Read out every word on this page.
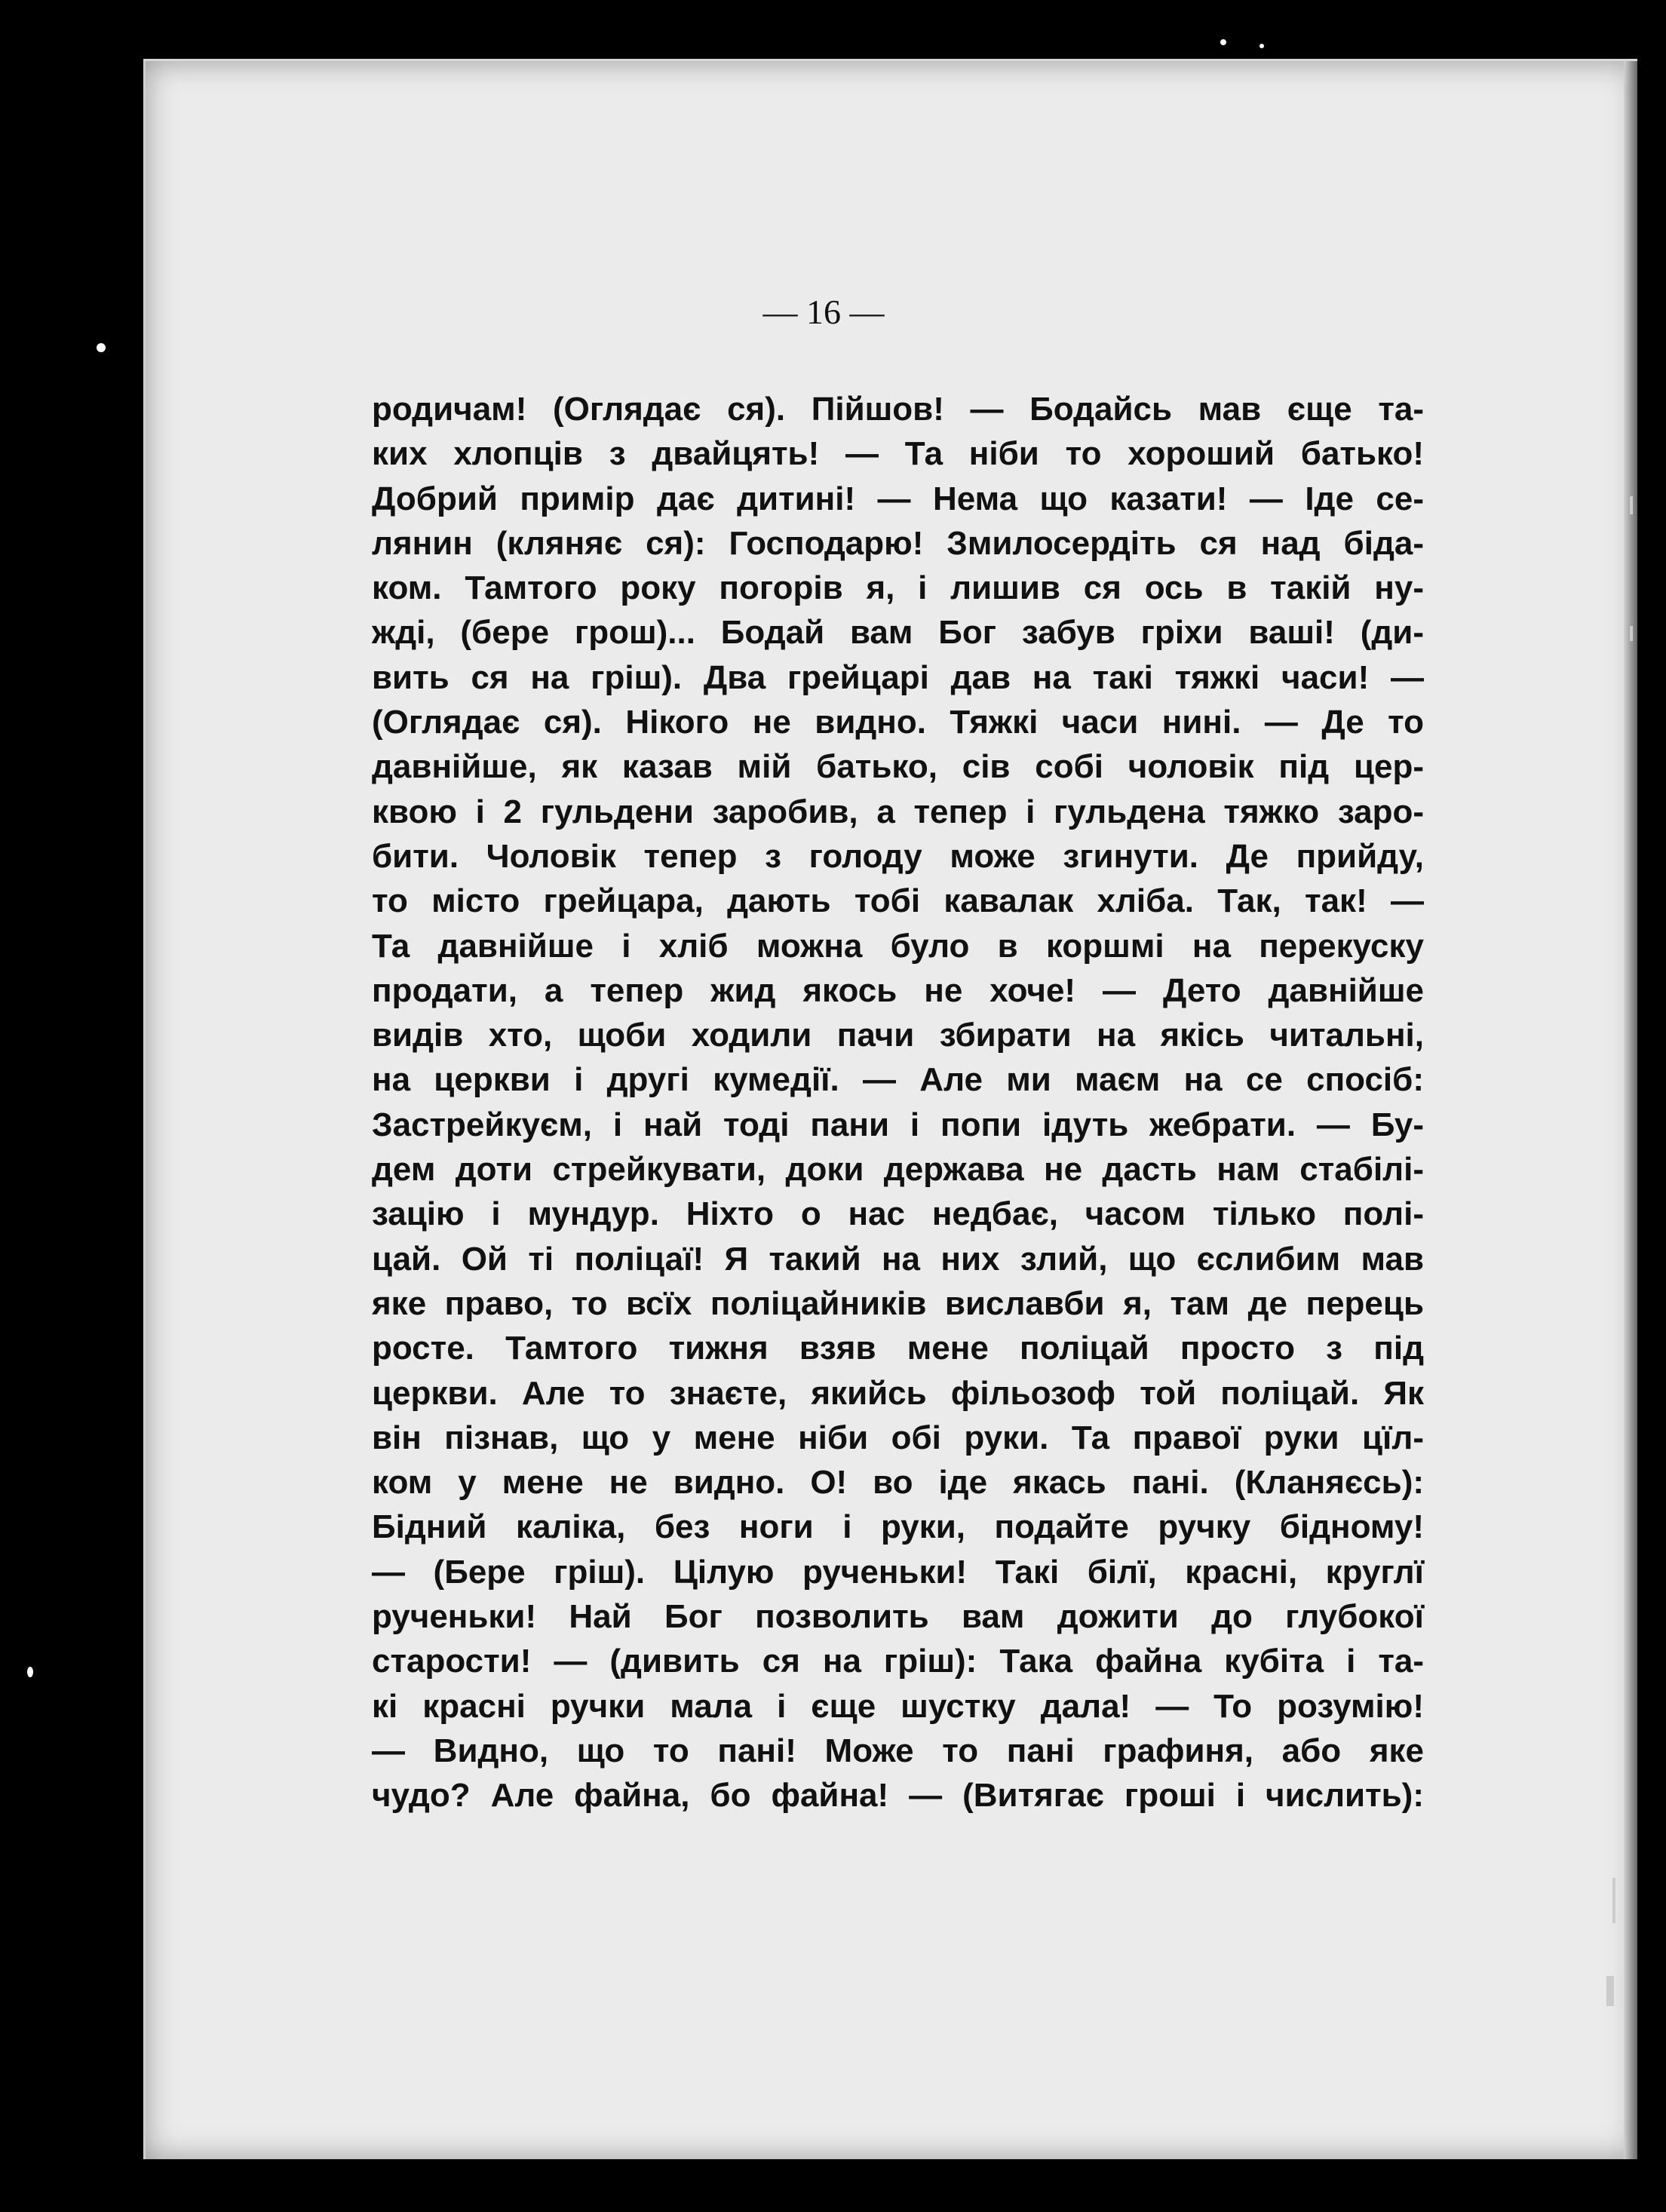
— 16 —
родичам! (Оглядає ся). Пійшов! — Бодайсь мав єще та-
ких хлопців з двайцять! — Та ніби то хороший батько!
Добрий примір дає дитині! — Нема що казати! — Іде се-
лянин (кляняє ся): Господарю! Змилосердіть ся над біда-
ком. Тамтого року погорів я, і лишив ся ось в такій ну-
жді, (бере грош)... Бодай вам Бог забув гріхи ваші! (ди-
вить ся на гріш). Два грейцарі дав на такі тяжкі часи! —
(Оглядає ся). Нікого не видно. Тяжкі часи нині. — Де то
давнійше, як казав мій батько, сів собі чоловік під цер-
квою і 2 гульдени заробив, а тепер і гульдена тяжко заро-
бити. Чоловік тепер з голоду може згинути. Де прийду,
то місто грейцара, дають тобі кавалак хліба. Так, так! —
Та давнійше і хліб можна було в коршмі на перекуску
продати, а тепер жид якось не хоче! — Дето давнійше
видів хто, щоби ходили пачи збирати на якісь читальні,
на церкви і другі кумедії. — Але ми маєм на се спосіб:
Застрейкуєм, і най тоді пани і попи ідуть жебрати. — Бу-
дем доти стрейкувати, доки держава не дасть нам стабілі-
зацію і мундур. Ніхто о нас недбає, часом тілько полі-
цай. Ой ті поліцаї! Я такий на них злий, що єслибим мав
яке право, то всїх поліцайників виславби я, там де перець
росте. Тамтого тижня взяв мене поліцай просто з під
церкви. Але то знаєте, якийсь фільозоф той поліцай. Як
він пізнав, що у мене ніби обі руки. Та правої руки цїл-
ком у мене не видно. О! во іде якась пані. (Кланяєсь):
Бідний каліка, без ноги і руки, подайте ручку бідному!
— (Бере гріш). Цілую рученьки! Такі білї, красні, круглї
рученьки! Най Бог позволить вам дожити до глубокої
старости! — (дивить ся на гріш): Така файна кубіта і та-
кі красні ручки мала і єще шустку дала! — То розумію!
— Видно, що то пані! Може то пані графиня, або яке
чудо? Але файна, бо файна! — (Витягає гроші і числить):
